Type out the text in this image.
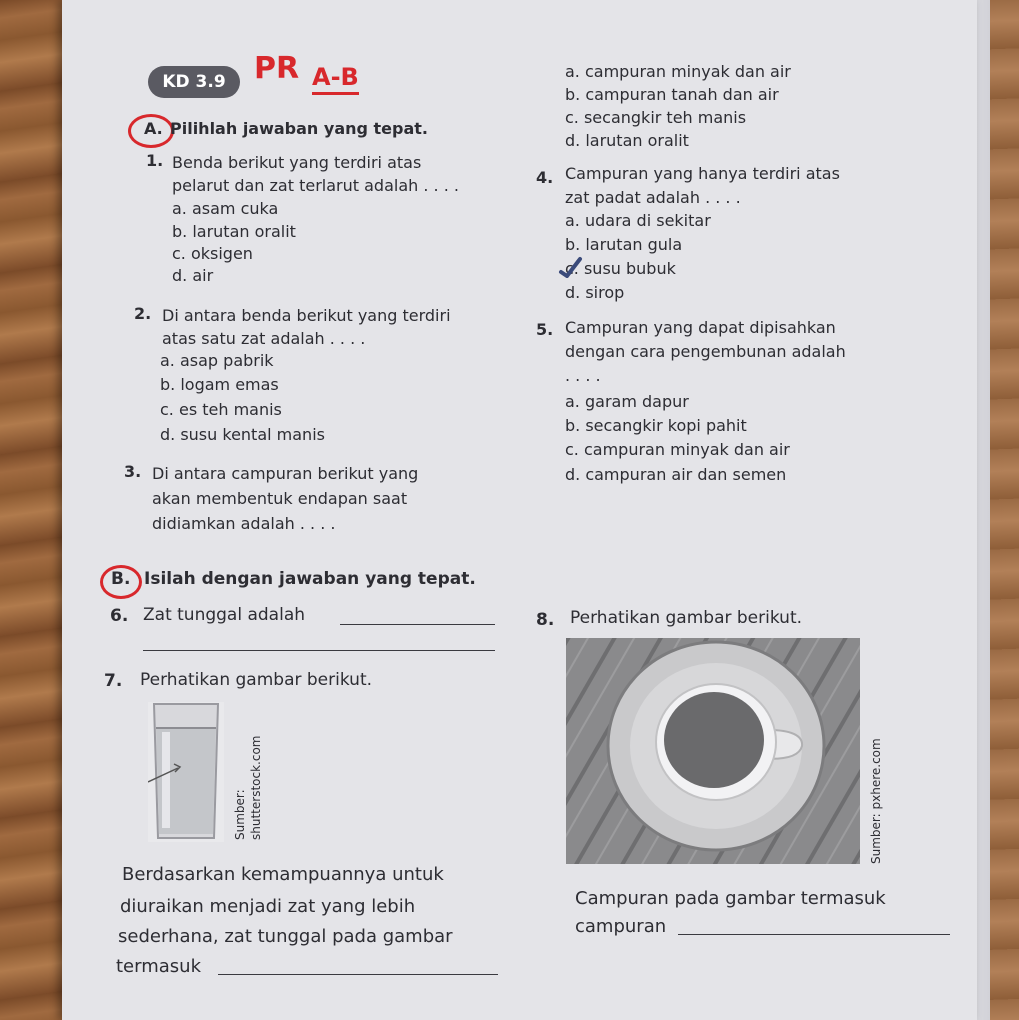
KD 3.9 PR A-B
A. Pilihlah jawaban yang tepat.
1. Benda berikut yang terdiri atas
pelarut dan zat terlarut adalah . . . .
a. asam cuka
b. larutan oralit
c. oksigen
d. air
2. Di antara benda berikut yang terdiri
atas satu zat adalah . . . .
a. asap pabrik
b. logam emas
c. es teh manis
d. susu kental manis
3. Di antara campuran berikut yang
akan membentuk endapan saat
didiamkan adalah . . . .
a. campuran minyak dan air
b. campuran tanah dan air
c. secangkir teh manis
d. larutan oralit
4. Campuran yang hanya terdiri atas
zat padat adalah . . . .
a. udara di sekitar
b. larutan gula
c. susu bubuk
d. sirop
5. Campuran yang dapat dipisahkan
dengan cara pengembunan adalah
. . . .
a. garam dapur
b. secangkir kopi pahit
c. campuran minyak dan air
d. campuran air dan semen
B. Isilah dengan jawaban yang tepat.
6. Zat tunggal adalah
7. Perhatikan gambar berikut.
Sumber: shutterstock.com
Berdasarkan kemampuannya untuk
diuraikan menjadi zat yang lebih
sederhana, zat tunggal pada gambar
termasuk
8. Perhatikan gambar berikut.
Sumber: pxhere.com
Campuran pada gambar termasuk
campuran
